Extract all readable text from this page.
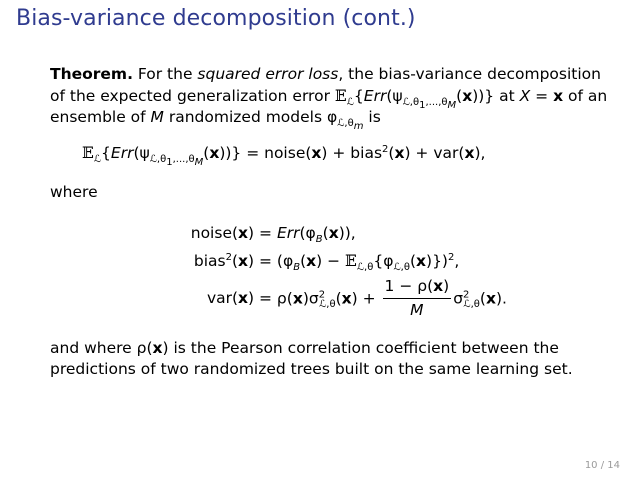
Bias-variance decomposition (cont.)

Theorem. For the squared error loss, the bias-variance decomposition of the expected generalization error $𝔼_ℒ\{Err(\psi_{ℒ,\theta_1,...,\theta_M}(x))\}$ at X = x of an ensemble of M randomized models $\varphi_{ℒ,\theta_m}$ is

$𝔼_ℒ\{Err(\psi_{ℒ,\theta_1,...,\theta_M}(x))\}$ = noise(x) + bias$^2$(x) + var(x),

where

noise(x) =	$Err(\varphi_B(x))$,
bias$^2$(x) =	($\varphi_B(x)$ − $𝔼_{ℒ,\theta}\{\varphi_{ℒ,\theta}(x)\})^2$,
var(x) =	$\rho(x)\sigma^2_{ℒ,\theta}(x) + \frac{1 - \rho(x)}{M} \sigma^2_{ℒ,\theta}(x)$.

and where ρ(x) is the Pearson correlation coefficient between the predictions of two randomized trees built on the same learning set.

10 / 14
